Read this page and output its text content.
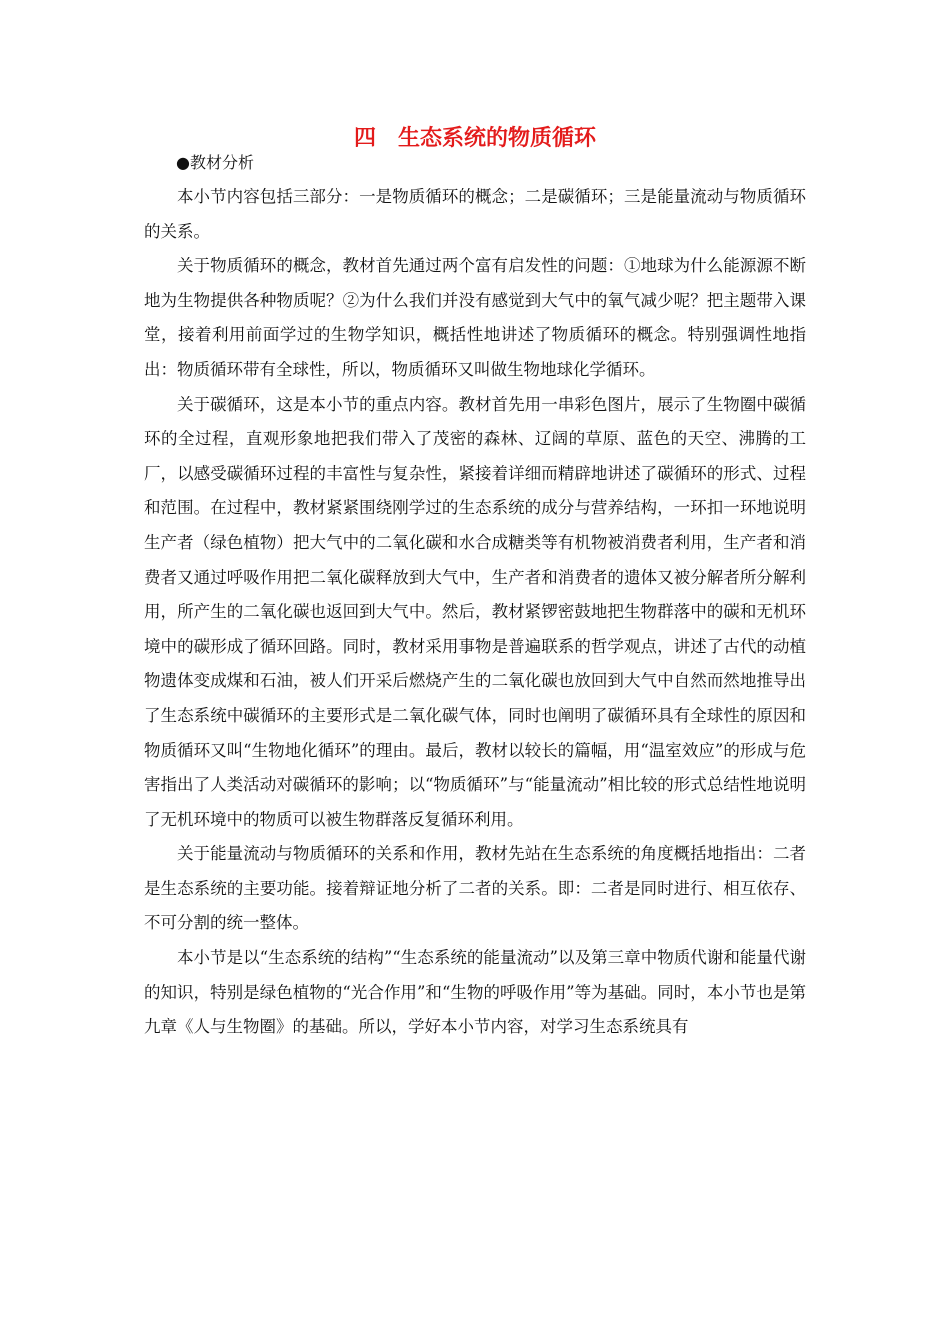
四　生态系统的物质循环
●教材分析

本小节内容包括三部分：一是物质循环的概念；二是碳循环；三是能量流动与物质循环的关系。

关于物质循环的概念，教材首先通过两个富有启发性的问题：①地球为什么能源源不断地为生物提供各种物质呢？②为什么我们并没有感觉到大气中的氧气减少呢？把主题带入课堂，接着利用前面学过的生物学知识，概括性地讲述了物质循环的概念。特别强调性地指出：物质循环带有全球性，所以，物质循环又叫做生物地球化学循环。

关于碳循环，这是本小节的重点内容。教材首先用一串彩色图片，展示了生物圈中碳循环的全过程，直观形象地把我们带入了茂密的森林、辽阔的草原、蓝色的天空、沸腾的工厂，以感受碳循环过程的丰富性与复杂性，紧接着详细而精辟地讲述了碳循环的形式、过程和范围。在过程中，教材紧紧围绕刚学过的生态系统的成分与营养结构，一环扣一环地说明生产者（绿色植物）把大气中的二氧化碳和水合成糖类等有机物被消费者利用，生产者和消费者又通过呼吸作用把二氧化碳释放到大气中，生产者和消费者的遗体又被分解者所分解利用，所产生的二氧化碳也返回到大气中。然后，教材紧锣密鼓地把生物群落中的碳和无机环境中的碳形成了循环回路。同时，教材采用事物是普遍联系的哲学观点，讲述了古代的动植物遗体变成煤和石油，被人们开采后燃烧产生的二氧化碳也放回到大气中自然而然地推导出了生态系统中碳循环的主要形式是二氧化碳气体，同时也阐明了碳循环具有全球性的原因和物质循环又叫“生物地化循环”的理由。最后，教材以较长的篇幅，用“温室效应”的形成与危害指出了人类活动对碳循环的影响；以“物质循环”与“能量流动”相比较的形式总结性地说明了无机环境中的物质可以被生物群落反复循环利用。

关于能量流动与物质循环的关系和作用，教材先站在生态系统的角度概括地指出：二者是生态系统的主要功能。接着辩证地分析了二者的关系。即：二者是同时进行、相互依存、不可分割的统一整体。

本小节是以“生态系统的结构”“生态系统的能量流动”以及第三章中物质代谢和能量代谢的知识，特别是绿色植物的“光合作用”和“生物的呼吸作用”等为基础。同时，本小节也是第九章《人与生物圈》的基础。所以，学好本小节内容，对学习生态系统具有
